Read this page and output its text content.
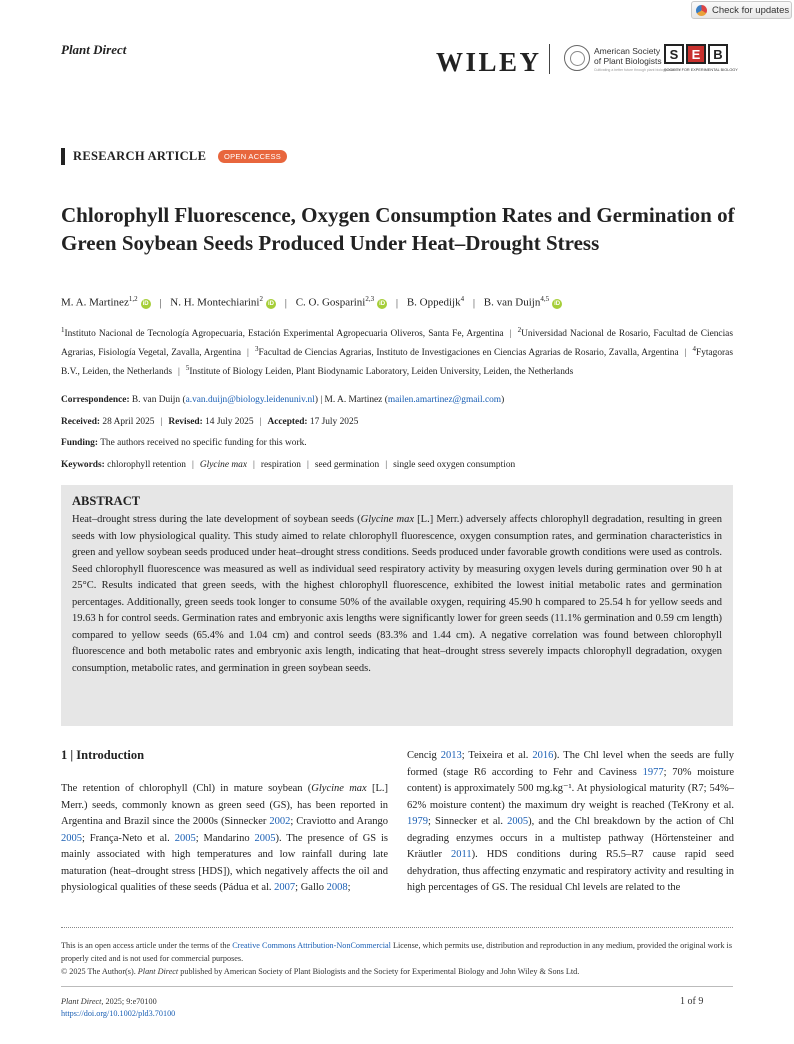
Check for updates
Plant Direct	WILEY	American Society
of Plant Biologists
Cultivating a better future through plant biology research
S	E B
SOCIETY FOR EXPERIMENTAL BIOLOGY
RESEARCH ARTICLE	OPEN ACCESS
Chlorophyll Fluorescence, Oxygen Consumption Rates and Germination of Green Soybean Seeds Produced Under Heat–Drought Stress
M. A. Martinez$^{1,2}$iD | N. H. Montechiarini$^2$iD | C. O. Gosparini$^{2,3}$iD | B. Oppedijk$^4$ | B. van Duijn$^{4,5}$iD
$^1$Instituto Nacional de Tecnología Agropecuaria, Estación Experimental Agropecuaria Oliveros, Santa Fe, Argentina | $^2$Universidad Nacional de Rosario, Facultad de Ciencias Agrarias, Fisiología Vegetal, Zavalla, Argentina | $^3$Facultad de Ciencias Agrarias, Instituto de Investigaciones en Ciencias Agrarias de Rosario, Zavalla, Argentina | $^4$Fytagoras B.V., Leiden, the Netherlands | $^5$Institute of Biology Leiden, Plant Biodynamic Laboratory, Leiden University, Leiden, the Netherlands
Correspondence: B. van Duijn (a.van.duijn@biology.leidenuniv.nl) | M. A. Martinez (mailen.amartinez@gmail.com)
Received: 28 April 2025 | Revised: 14 July 2025 | Accepted: 17 July 2025
Funding: The authors received no specific funding for this work.
Keywords: chlorophyll retention | Glycine max | respiration | seed germination | single seed oxygen consumption
ABSTRACT
Heat–drought stress during the late development of soybean seeds (Glycine max [L.] Merr.) adversely affects chlorophyll degradation, resulting in green seeds with low physiological quality. This study aimed to relate chlorophyll fluorescence, oxygen consumption rates, and germination characteristics in green and yellow soybean seeds produced under heat–drought stress conditions. Seeds produced under favorable growth conditions were used as controls. Seed chlorophyll fluorescence was measured as well as individual seed respiratory activity by measuring oxygen levels during germination over 90 h at 25°C. Results indicated that green seeds, with the highest chlorophyll fluorescence, exhibited the lowest initial metabolic rates and germination percentages. Additionally, green seeds took longer to consume 50% of the available oxygen, requiring 45.90 h compared to 25.54 h for yellow seeds and 19.63 h for control seeds. Germination rates and embryonic axis lengths were significantly lower for green seeds (11.1% germination and 0.59 cm length) compared to yellow seeds (65.4% and 1.04 cm) and control seeds (83.3% and 1.44 cm). A negative correlation was found between chlorophyll fluorescence and both metabolic rates and embryonic axis length, indicating that heat–drought stress severely impacts chlorophyll degradation, oxygen consumption, metabolic rates, and germination in green soybean seeds.
1 | Introduction
The retention of chlorophyll (Chl) in mature soybean (Glycine max [L.] Merr.) seeds, commonly known as green seed (GS), has been reported in Argentina and Brazil since the 2000s (Sinnecker 2002; Craviotto and Arango 2005; França-Neto et al. 2005; Mandarino 2005). The presence of GS is mainly associated with high temperatures and low rainfall during late maturation (heat–drought stress [HDS]), which negatively affects the oil and physiological qualities of these seeds (Pádua et al. 2007; Gallo 2008;
Cencig 2013; Teixeira et al. 2016). The Chl level when the seeds are fully formed (stage R6 according to Fehr and Caviness 1977; 70% moisture content) is approximately 500 mg.kg⁻¹. At physiological maturity (R7; 54%–62% moisture content) the maximum dry weight is reached (TeKrony et al. 1979; Sinnecker et al. 2005), and the Chl breakdown by the action of Chl degrading enzymes occurs in a multistep pathway (Hörtensteiner and Kräutler 2011). HDS conditions during R5.5–R7 cause rapid seed dehydration, thus affecting enzymatic and respiratory activity and resulting in high percentages of GS. The residual Chl levels are related to the
This is an open access article under the terms of the Creative Commons Attribution-NonCommercial License, which permits use, distribution and reproduction in any medium, provided the original work is properly cited and is not used for commercial purposes.
© 2025 The Author(s). Plant Direct published by American Society of Plant Biologists and the Society for Experimental Biology and John Wiley & Sons Ltd.
Plant Direct, 2025; 9:e70100
https://doi.org/10.1002/pld3.70100
1 of 9
